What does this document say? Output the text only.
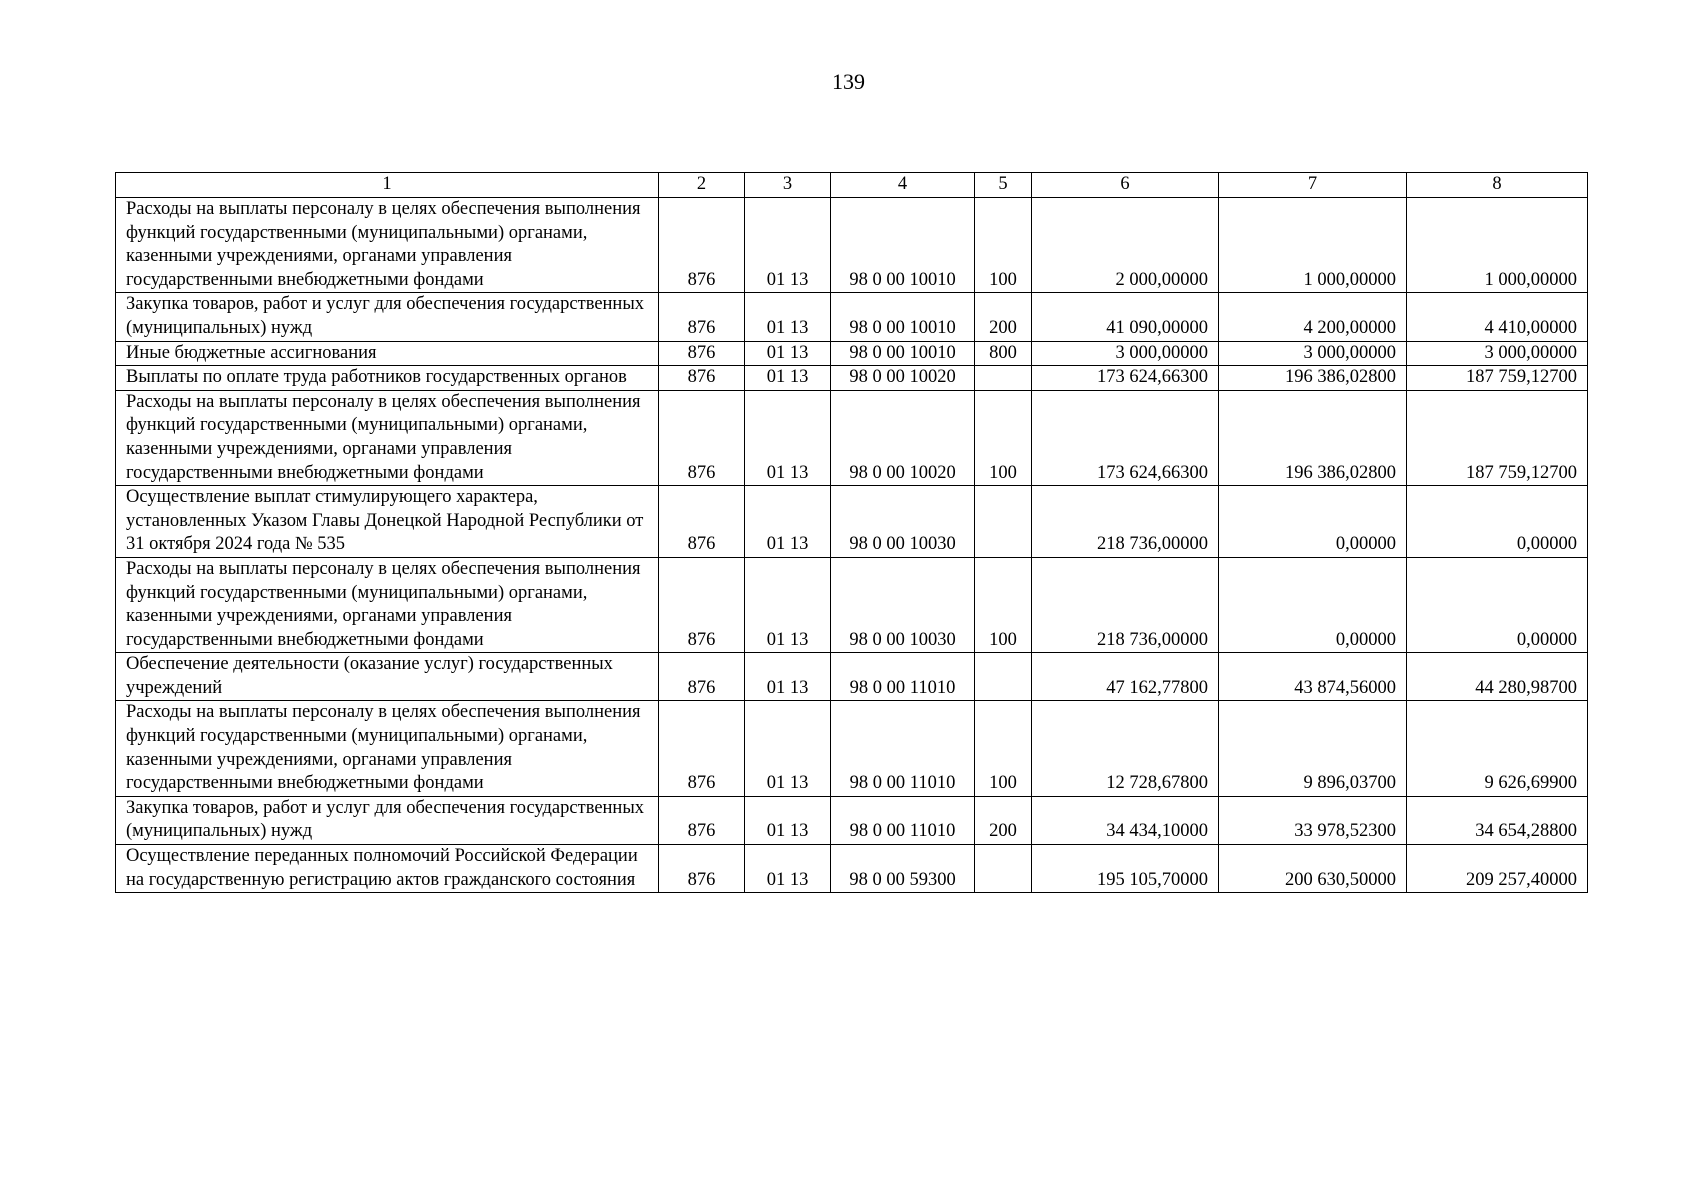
139
1	2	3	4	5	6	7	8
Расходы на выплаты персоналу в целях обеспечения выполнения функций государственными (муниципальными) органами, казенными учреждениями, органами управления государственными внебюджетными фондами	876	01 13	98 0 00 10010	100	2 000,00000	1 000,00000	1 000,00000
Закупка товаров, работ и услуг для обеспечения государственных (муниципальных) нужд	876	01 13	98 0 00 10010	200	41 090,00000	4 200,00000	4 410,00000
Иные бюджетные ассигнования	876	01 13	98 0 00 10010	800	3 000,00000	3 000,00000	3 000,00000
Выплаты по оплате труда работников государственных органов	876	01 13	98 0 00 10020		173 624,66300	196 386,02800	187 759,12700
Расходы на выплаты персоналу в целях обеспечения выполнения функций государственными (муниципальными) органами, казенными учреждениями, органами управления государственными внебюджетными фондами	876	01 13	98 0 00 10020	100	173 624,66300	196 386,02800	187 759,12700
Осуществление выплат стимулирующего характера, установленных Указом Главы Донецкой Народной Республики от 31 октября 2024 года № 535	876	01 13	98 0 00 10030		218 736,00000	0,00000	0,00000
Расходы на выплаты персоналу в целях обеспечения выполнения функций государственными (муниципальными) органами, казенными учреждениями, органами управления государственными внебюджетными фондами	876	01 13	98 0 00 10030	100	218 736,00000	0,00000	0,00000
Обеспечение деятельности (оказание услуг) государственных учреждений	876	01 13	98 0 00 11010		47 162,77800	43 874,56000	44 280,98700
Расходы на выплаты персоналу в целях обеспечения выполнения функций государственными (муниципальными) органами, казенными учреждениями, органами управления государственными внебюджетными фондами	876	01 13	98 0 00 11010	100	12 728,67800	9 896,03700	9 626,69900
Закупка товаров, работ и услуг для обеспечения государственных (муниципальных) нужд	876	01 13	98 0 00 11010	200	34 434,10000	33 978,52300	34 654,28800
Осуществление переданных полномочий Российской Федерации на государственную регистрацию актов гражданского состояния	876	01 13	98 0 00 59300		195 105,70000	200 630,50000	209 257,40000
